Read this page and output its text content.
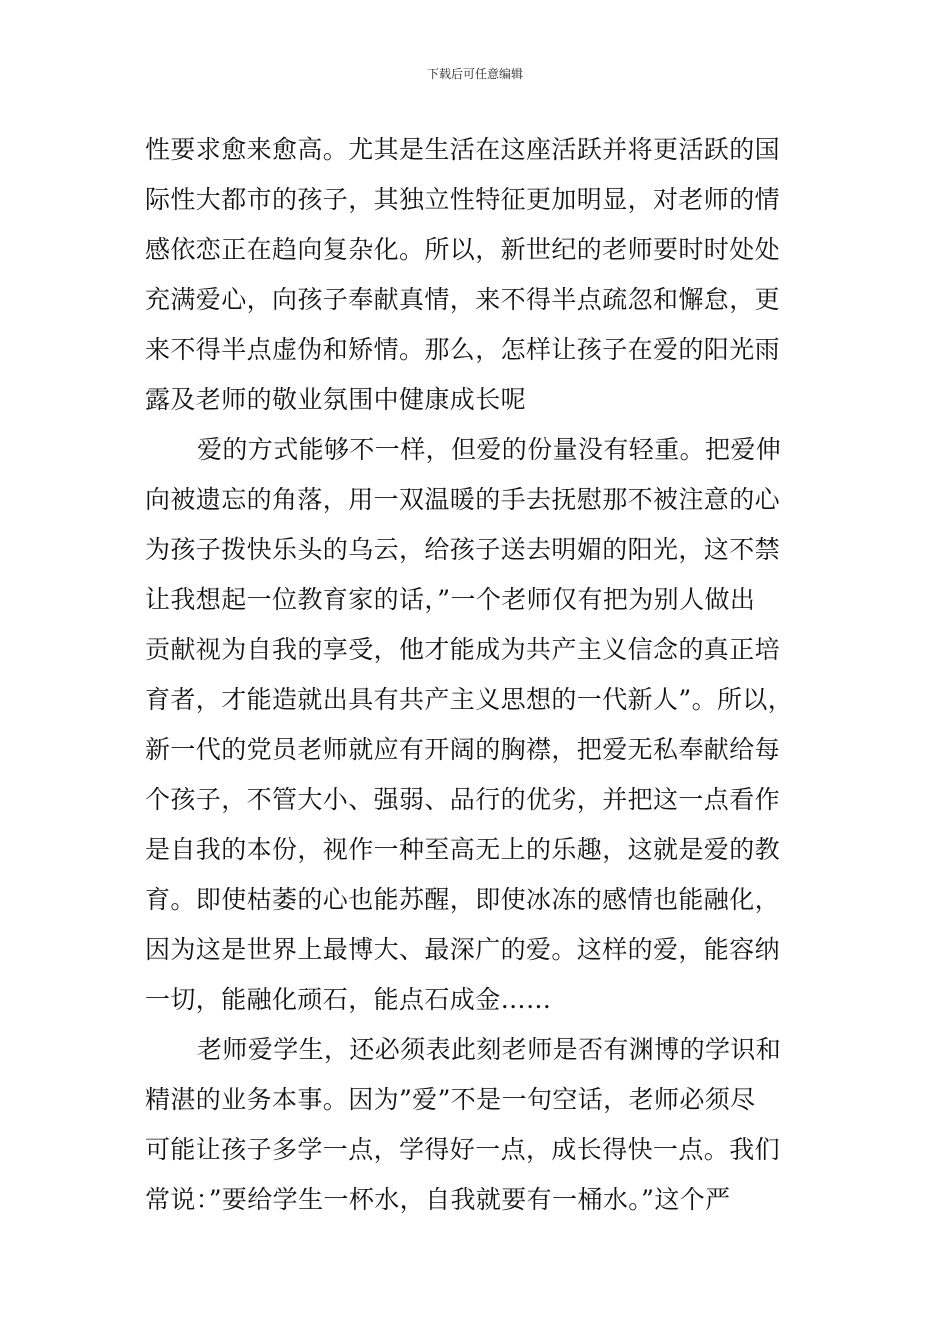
下载后可任意编辑
性要求愈来愈高。尤其是生活在这座活跃并将更活跃的国
际性大都市的孩子，其独立性特征更加明显，对老师的情
感依恋正在趋向复杂化。所以，新世纪的老师要时时处处
充满爱心，向孩子奉献真情，来不得半点疏忽和懈怠，更
来不得半点虚伪和矫情。那么，怎样让孩子在爱的阳光雨
露及老师的敬业氛围中健康成长呢
爱的方式能够不一样，但爱的份量没有轻重。把爱伸
向被遗忘的角落，用一双温暖的手去抚慰那不被注意的心
为孩子拨快乐头的乌云，给孩子送去明媚的阳光，这不禁
让我想起一位教育家的话，”一个老师仅有把为别人做出
贡献视为自我的享受，他才能成为共产主义信念的真正培
育者，才能造就出具有共产主义思想的一代新人”。所以，
新一代的党员老师就应有开阔的胸襟，把爱无私奉献给每
个孩子，不管大小、强弱、品行的优劣，并把这一点看作
是自我的本份，视作一种至高无上的乐趣，这就是爱的教
育。即使枯萎的心也能苏醒，即使冰冻的感情也能融化，
因为这是世界上最博大、最深广的爱。这样的爱，能容纳
一切，能融化顽石，能点石成金……
老师爱学生，还必须表此刻老师是否有渊博的学识和
精湛的业务本事。因为”爱”不是一句空话，老师必须尽
可能让孩子多学一点，学得好一点，成长得快一点。我们
常说：”要给学生一杯水，自我就要有一桶水。”这个严
